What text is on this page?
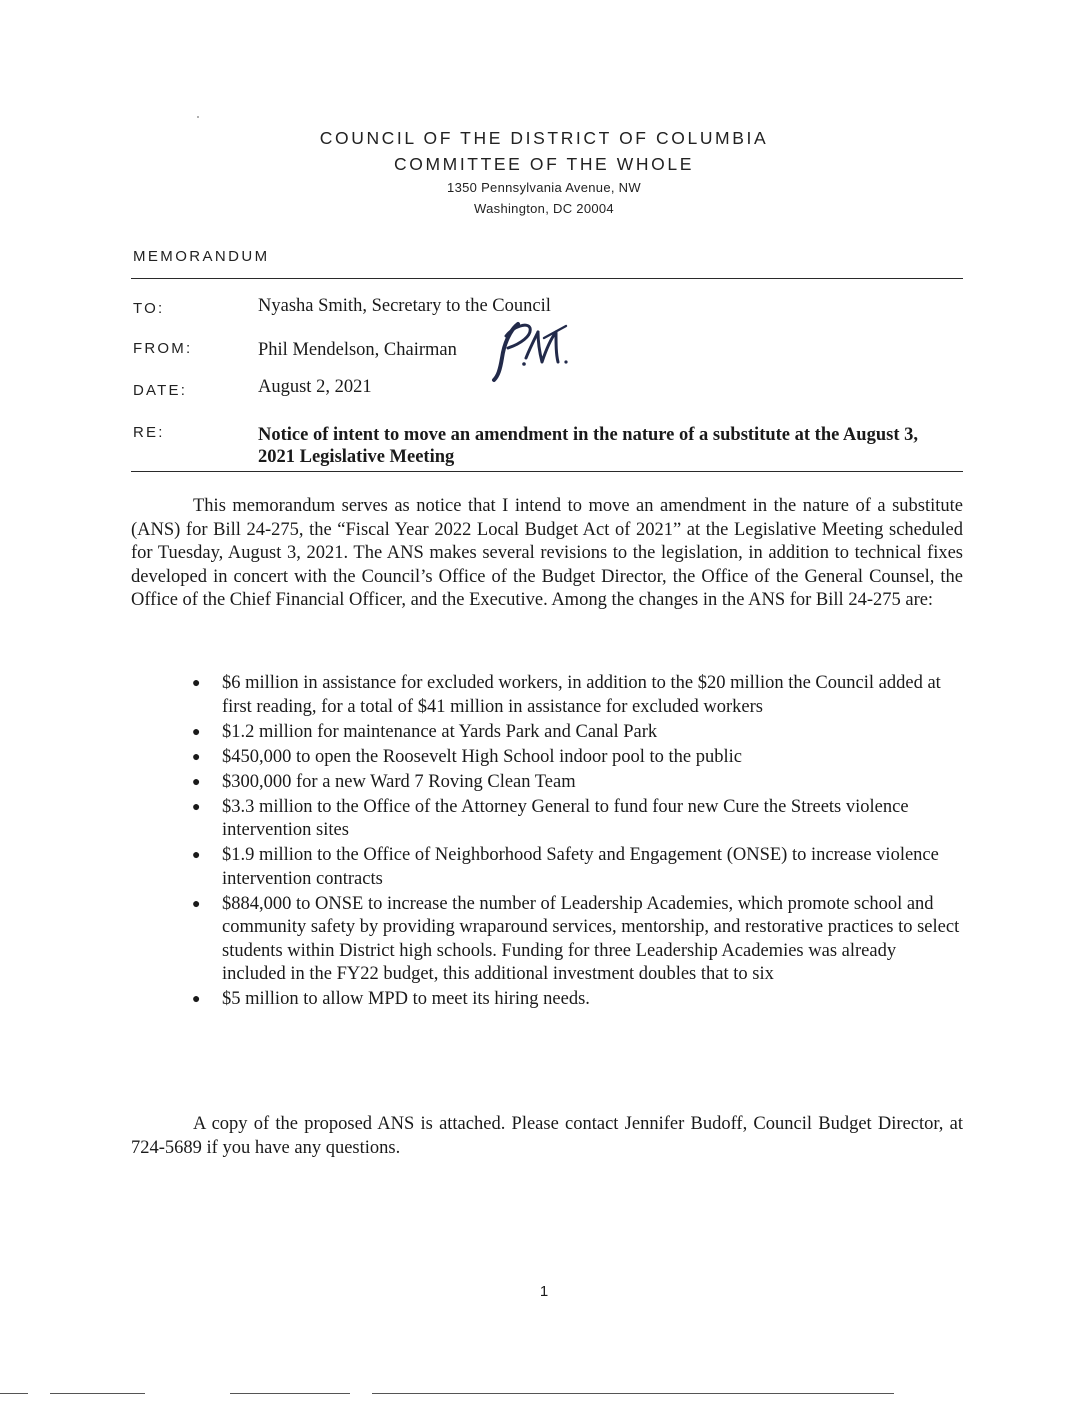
COUNCIL OF THE DISTRICT OF COLUMBIA
COMMITTEE OF THE WHOLE
1350 Pennsylvania Avenue, NW
Washington, DC 20004
MEMORANDUM
TO:	Nyasha Smith, Secretary to the Council
FROM:	Phil Mendelson, Chairman
DATE:	August 2, 2021
RE:	Notice of intent to move an amendment in the nature of a substitute at the August 3, 2021 Legislative Meeting
This memorandum serves as notice that I intend to move an amendment in the nature of a substitute (ANS) for Bill 24-275, the “Fiscal Year 2022 Local Budget Act of 2021” at the Legislative Meeting scheduled for Tuesday, August 3, 2021. The ANS makes several revisions to the legislation, in addition to technical fixes developed in concert with the Council’s Office of the Budget Director, the Office of the General Counsel, the Office of the Chief Financial Officer, and the Executive. Among the changes in the ANS for Bill 24-275 are:
● $6 million in assistance for excluded workers, in addition to the $20 million the Council added at first reading, for a total of $41 million in assistance for excluded workers
● $1.2 million for maintenance at Yards Park and Canal Park
● $450,000 to open the Roosevelt High School indoor pool to the public
● $300,000 for a new Ward 7 Roving Clean Team
● $3.3 million to the Office of the Attorney General to fund four new Cure the Streets violence intervention sites
● $1.9 million to the Office of Neighborhood Safety and Engagement (ONSE) to increase violence intervention contracts
● $884,000 to ONSE to increase the number of Leadership Academies, which promote school and community safety by providing wraparound services, mentorship, and restorative practices to select students within District high schools. Funding for three Leadership Academies was already included in the FY22 budget, this additional investment doubles that to six
● $5 million to allow MPD to meet its hiring needs.
A copy of the proposed ANS is attached. Please contact Jennifer Budoff, Council Budget Director, at 724-5689 if you have any questions.
1
